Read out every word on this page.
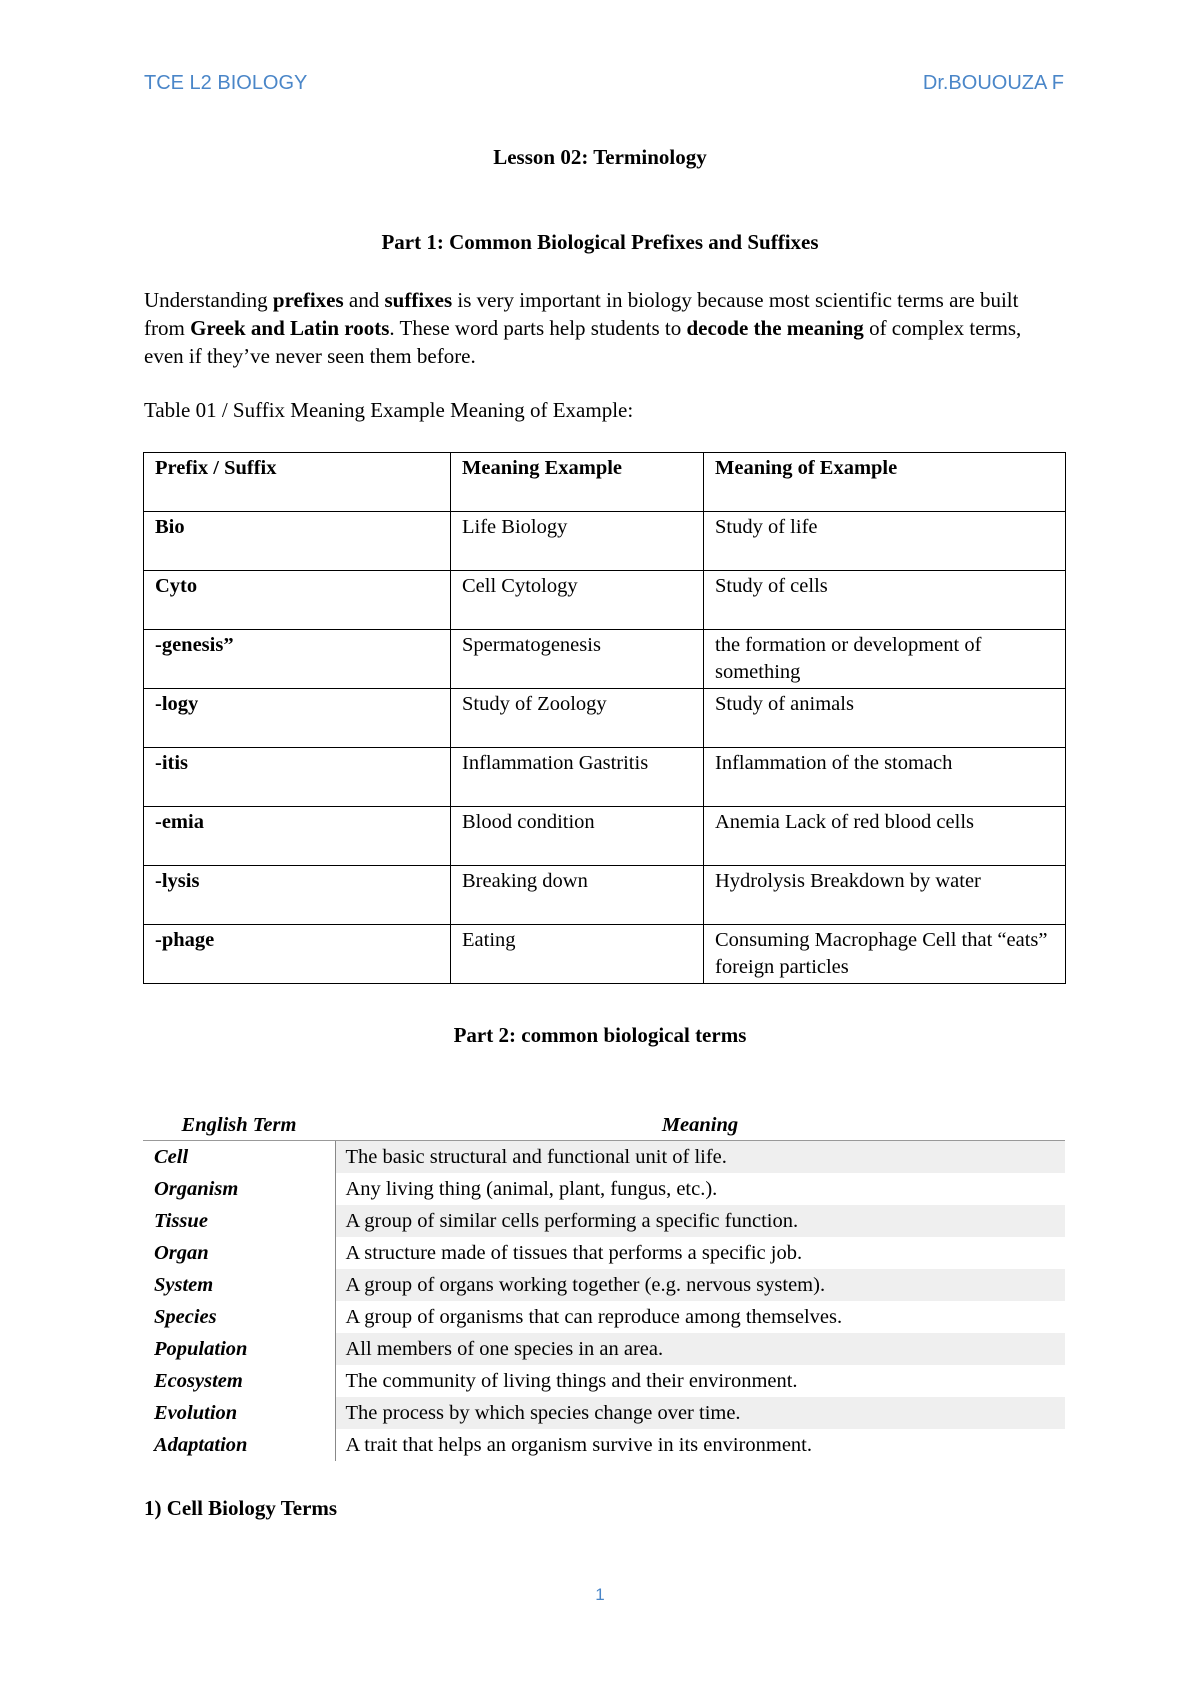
TCE L2 BIOLOGY	Dr.BOUOUZA F
Lesson 02: Terminology
Part 1: Common Biological Prefixes and Suffixes

Understanding prefixes and suffixes is very important in biology because most scientific terms are built from Greek and Latin roots. These word parts help students to decode the meaning of complex terms, even if they’ve never seen them before.

Table 01 / Suffix Meaning Example Meaning of Example:

Prefix / Suffix	Meaning Example	Meaning of Example
Bio	Life Biology	Study of life
Cyto	Cell Cytology	Study of cells
-genesis”	Spermatogenesis	the formation or development of something
-logy	Study of Zoology	Study of animals
-itis	Inflammation Gastritis	Inflammation of the stomach
-emia	Blood condition	Anemia Lack of red blood cells
-lysis	Breaking down	Hydrolysis Breakdown by water
-phage	Eating	Consuming Macrophage Cell that “eats” foreign particles
Part 2: common biological terms
English Term	Meaning
Cell	The basic structural and functional unit of life.
Organism	Any living thing (animal, plant, fungus, etc.).
Tissue	A group of similar cells performing a specific function.
Organ	A structure made of tissues that performs a specific job.
System	A group of organs working together (e.g. nervous system).
Species	A group of organisms that can reproduce among themselves.
Population	All members of one species in an area.
Ecosystem	The community of living things and their environment.
Evolution	The process by which species change over time.
Adaptation	A trait that helps an organism survive in its environment.

1) Cell Biology Terms

1
